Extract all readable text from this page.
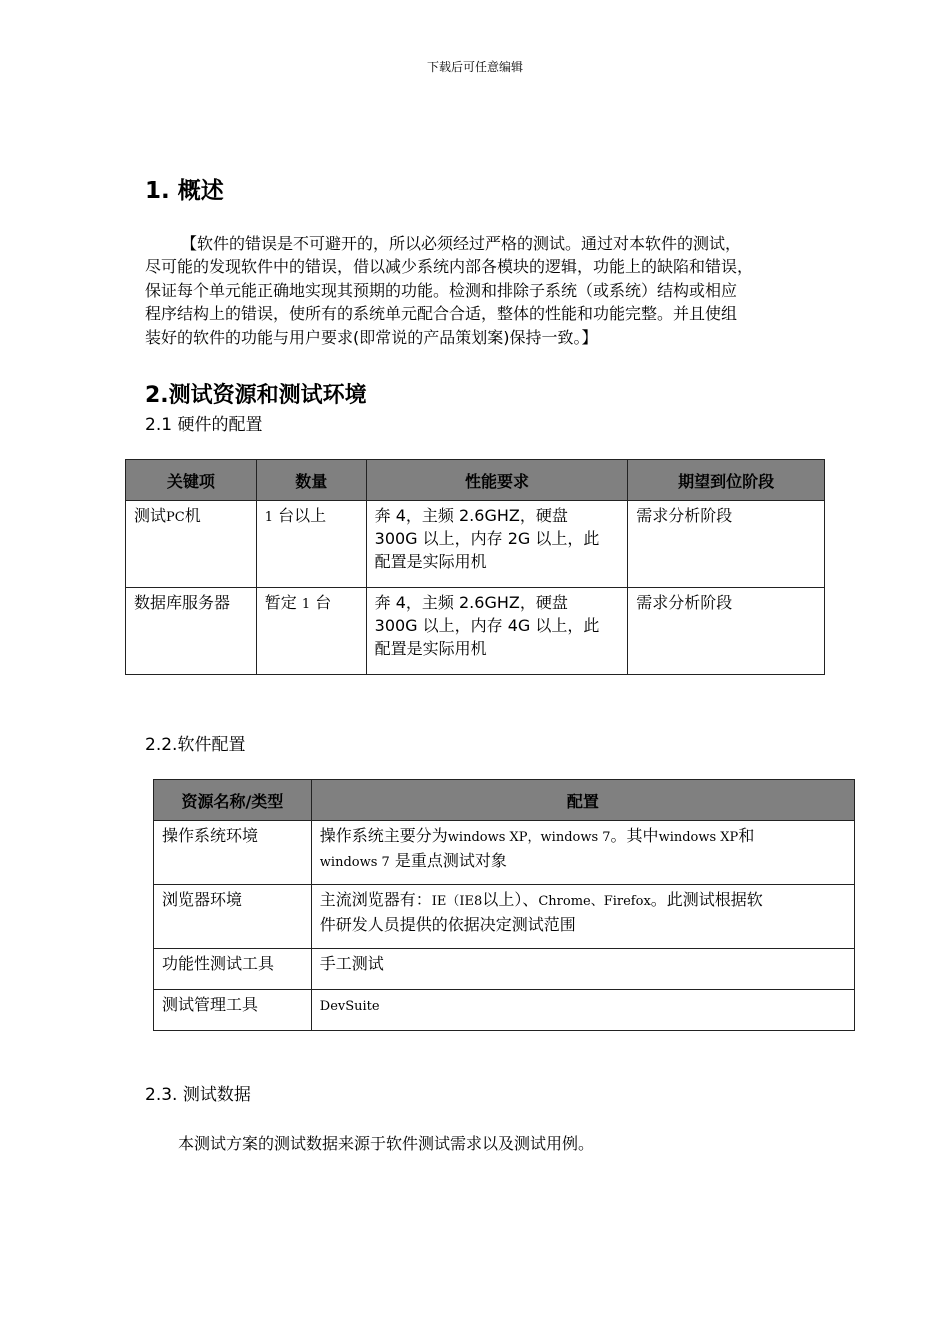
下载后可任意编辑
1. 概述
【软件的错误是不可避开的，所以必须经过严格的测试。通过对本软件的测试，
尽可能的发现软件中的错误，借以减少系统内部各模块的逻辑，功能上的缺陷和错误，
保证每个单元能正确地实现其预期的功能。检测和排除子系统（或系统）结构或相应
程序结构上的错误，使所有的系统单元配合合适，整体的性能和功能完整。并且使组
装好的软件的功能与用户要求(即常说的产品策划案)保持一致。】
2.测试资源和测试环境
2.1 硬件的配置
关键项	数量	性能要求	期望到位阶段
测试PC机	1 台以上	奔 4，主频 2.6GHZ，硬盘
300G 以上，内存 2G 以上，此
配置是实际用机	需求分析阶段
数据库服务器	暂定 1 台	奔 4，主频 2.6GHZ，硬盘
300G 以上，内存 4G 以上，此
配置是实际用机	需求分析阶段
2.2.软件配置
资源名称/类型	配置
操作系统环境	操作系统主要分为windows XP，windows 7。其中windows XP和
windows 7 是重点测试对象

浏览器环境	主流浏览器有：IE（IE8以上）、Chrome、Firefox。此测试根据软
件研发人员提供的依据决定测试范围

功能性测试工具	手工测试
测试管理工具	DevSuite
2.3. 测试数据
本测试方案的测试数据来源于软件测试需求以及测试用例。
